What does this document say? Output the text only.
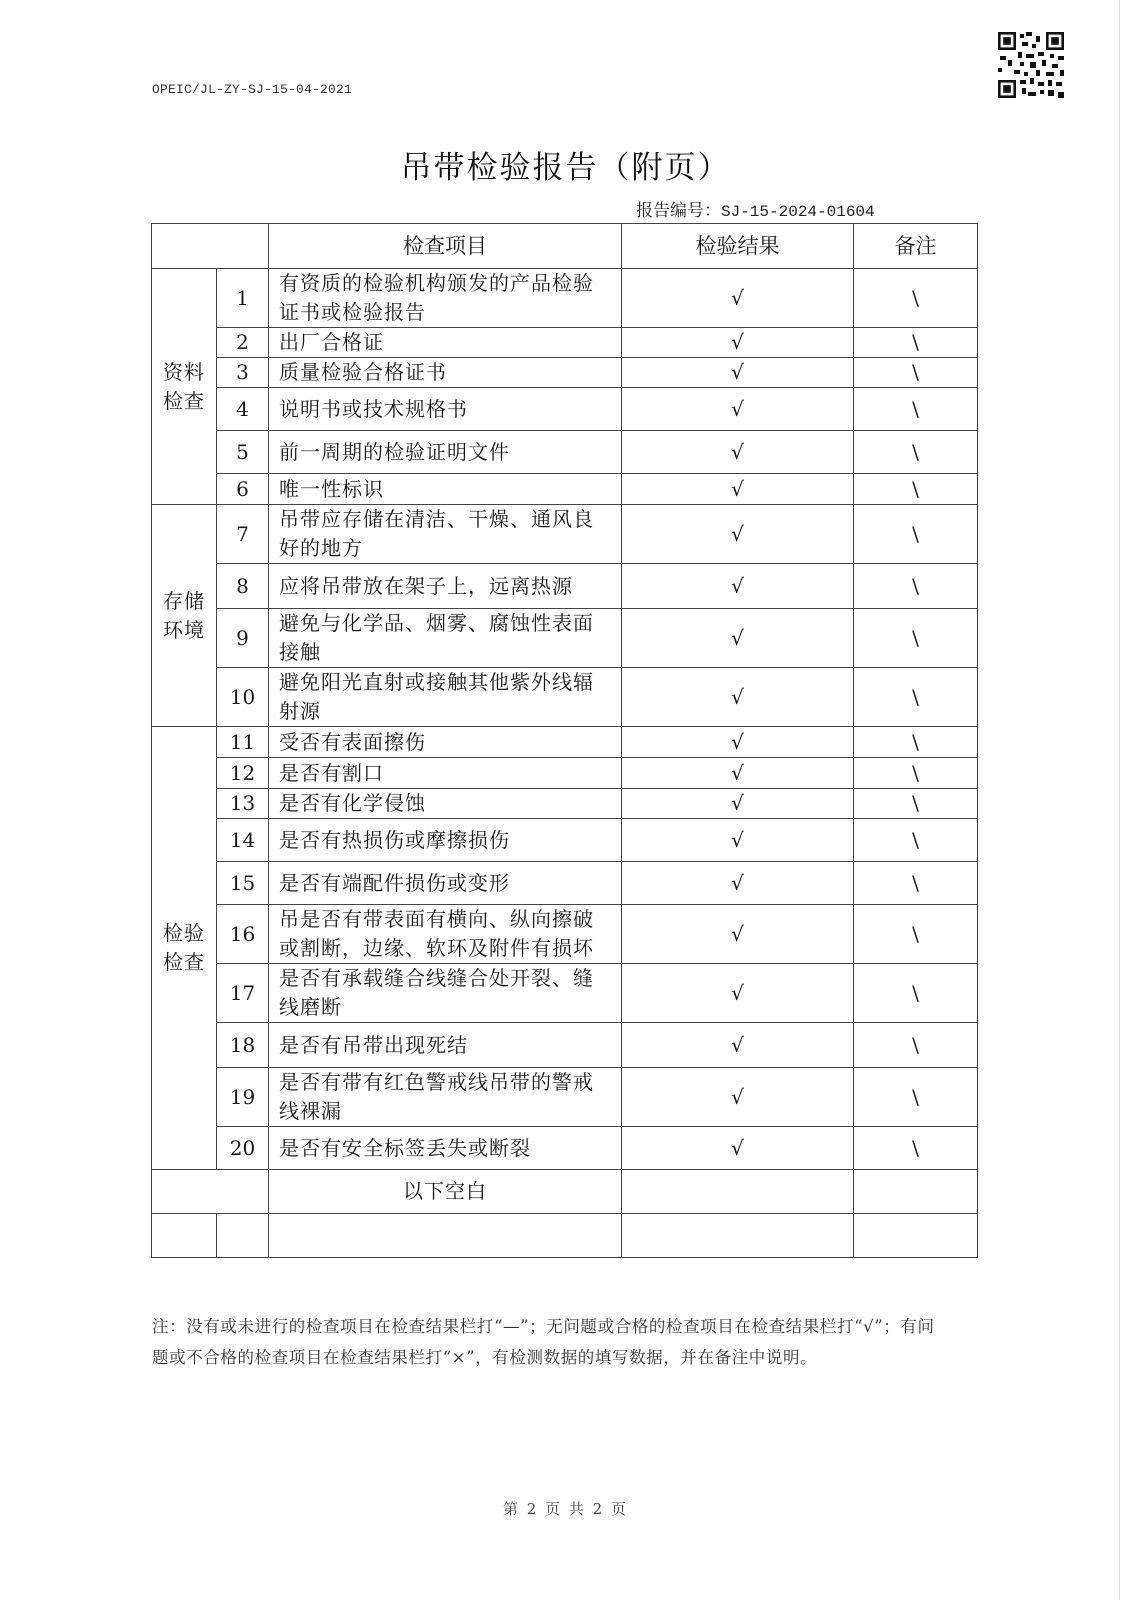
OPEIC/JL-ZY-SJ-15-04-2021
吊带检验报告（附页）
报告编号：SJ-15-2024-01604
		检查项目	检验结果	备注
资料检查	1	有资质的检验机构颁发的产品检验证书或检验报告	√	\
	2	出厂合格证	√	\
	3	质量检验合格证书	√	\
	4	说明书或技术规格书	√	\
	5	前一周期的检验证明文件	√	\
	6	唯一性标识	√	\
存储环境	7	吊带应存储在清洁、干燥、通风良好的地方	√	\
	8	应将吊带放在架子上，远离热源	√	\
	9	避免与化学品、烟雾、腐蚀性表面接触	√	\
	10	避免阳光直射或接触其他紫外线辐射源	√	\
检验检查	11	受否有表面擦伤	√	\
	12	是否有割口	√	\
	13	是否有化学侵蚀	√	\
	14	是否有热损伤或摩擦损伤	√	\
	15	是否有端配件损伤或变形	√	\
	16	吊是否有带表面有横向、纵向擦破或割断，边缘、软环及附件有损坏	√	\
	17	是否有承载缝合线缝合处开裂、缝线磨断	√	\
	18	是否有吊带出现死结	√	\
	19	是否有带有红色警戒线吊带的警戒线裸漏	√	\
	20	是否有安全标签丢失或断裂	√	\
		以下空白		

注：没有或未进行的检查项目在检查结果栏打“—”；无问题或合格的检查项目在检查结果栏打“√”；有问题或不合格的检查项目在检查结果栏打“×”，有检测数据的填写数据，并在备注中说明。
第 2 页 共 2 页
